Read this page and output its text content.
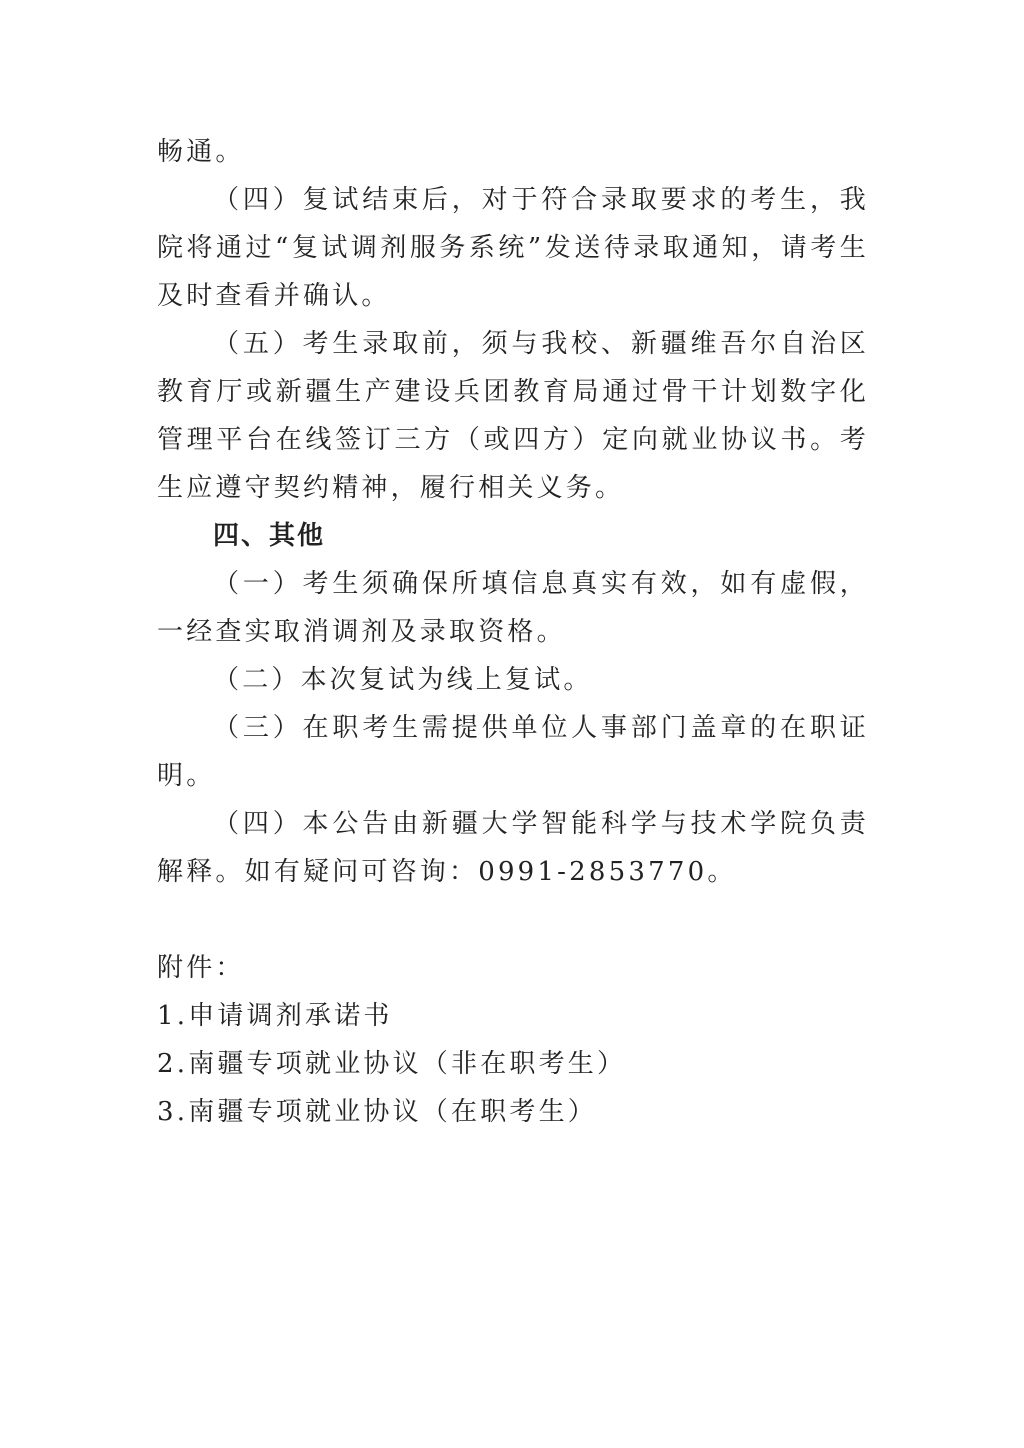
畅通。

（四）复试结束后，对于符合录取要求的考生，我院将通过“复试调剂服务系统”发送待录取通知，请考生及时查看并确认。

（五）考生录取前，须与我校、新疆维吾尔自治区教育厅或新疆生产建设兵团教育局通过骨干计划数字化管理平台在线签订三方（或四方）定向就业协议书。考生应遵守契约精神，履行相关义务。

四、其他

（一）考生须确保所填信息真实有效，如有虚假，一经查实取消调剂及录取资格。

（二）本次复试为线上复试。

（三）在职考生需提供单位人事部门盖章的在职证明。

（四）本公告由新疆大学智能科学与技术学院负责解释。如有疑问可咨询：0991-2853770。

附件：

1.申请调剂承诺书

2.南疆专项就业协议（非在职考生）

3.南疆专项就业协议（在职考生）
